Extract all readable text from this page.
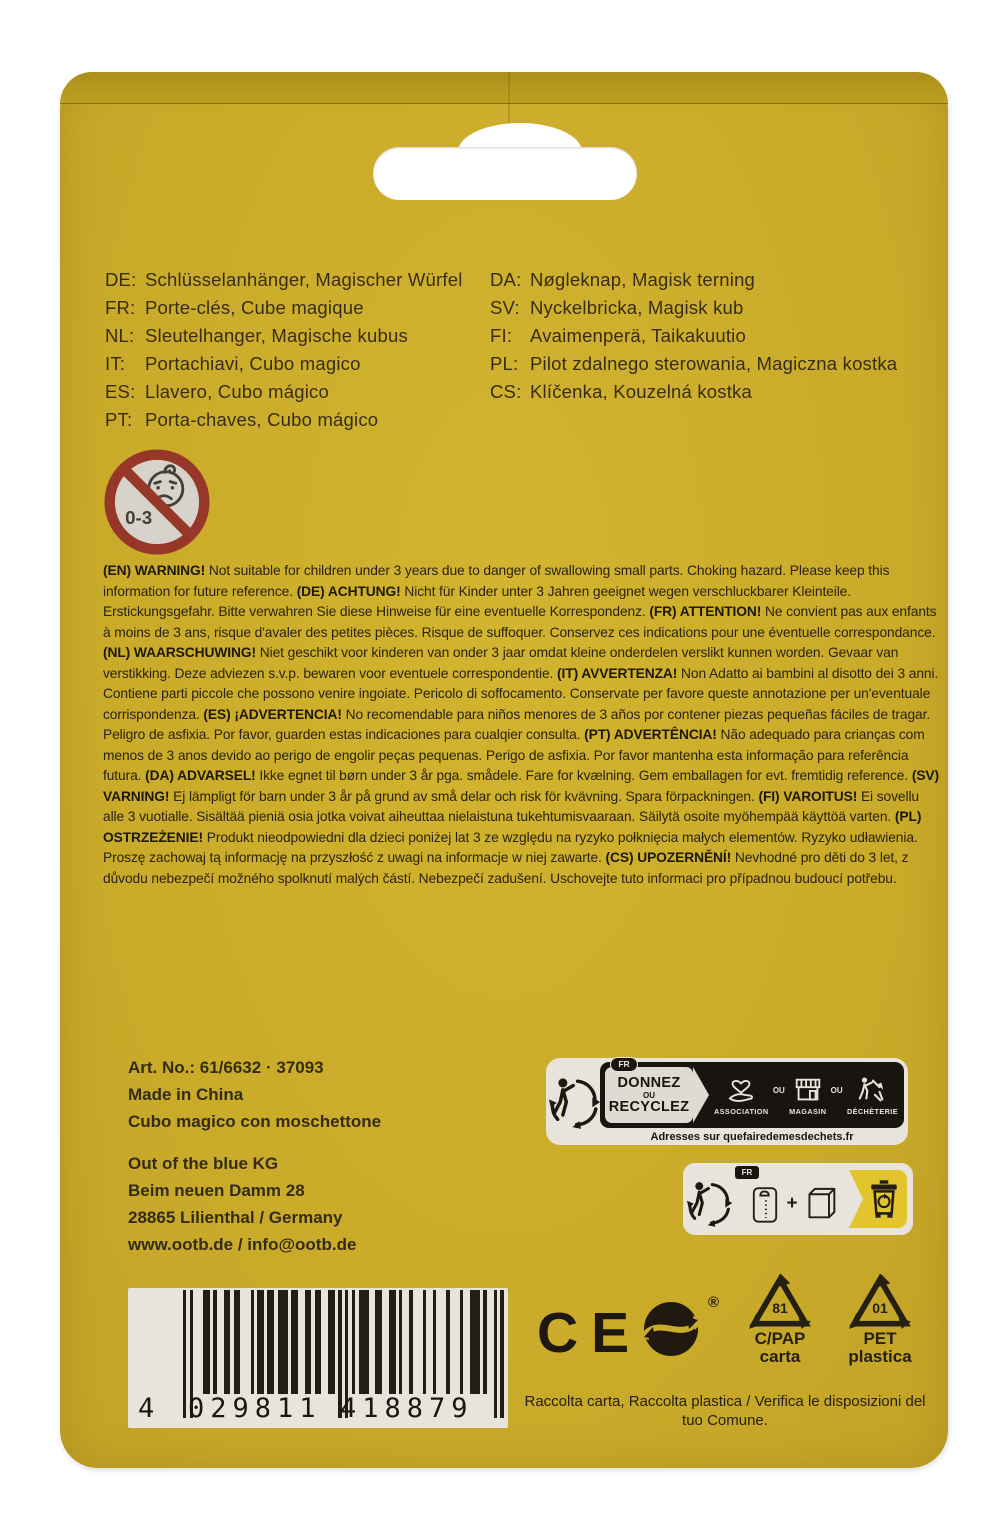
DE: Schlüsselanhänger, Magischer Würfel
FR: Porte-clés, Cube magique
NL: Sleutelhanger, Magische kubus
IT: Portachiavi, Cubo magico
ES: Llavero, Cubo mágico
PT: Porta-chaves, Cubo mágico
DA: Nøgleknap, Magisk terning
SV: Nyckelbricka, Magisk kub
FI: Avaimenperä, Taikakuutio
PL: Pilot zdalnego sterowania, Magiczna kostka
CS: Klíčenka, Kouzelná kostka
0-3

(EN) WARNING! Not suitable for children under 3 years due to danger of swallowing small parts. Choking hazard. Please keep this information for future reference. (DE) ACHTUNG! Nicht für Kinder unter 3 Jahren geeignet wegen verschluckbarer Kleinteile. Erstickungsgefahr. Bitte verwahren Sie diese Hinweise für eine eventuelle Korrespondenz. (FR) ATTENTION! Ne convient pas aux enfants à moins de 3 ans, risque d'avaler des petites pièces. Risque de suffoquer. Conservez ces indications pour une éventuelle correspondance. (NL) WAARSCHUWING! Niet geschikt voor kinderen van onder 3 jaar omdat kleine onderdelen verslikt kunnen worden. Gevaar van verstikking. Deze adviezen s.v.p. bewaren voor eventuele correspondentie. (IT) AVVERTENZA! Non Adatto ai bambini al disotto dei 3 anni. Contiene parti piccole che possono venire ingoiate. Pericolo di soffocamento. Conservate per favore queste annotazione per un'eventuale corrispondenza. (ES) ¡ADVERTENCIA! No recomendable para niños menores de 3 años por contener piezas pequeñas fáciles de tragar. Peligro de asfixia. Por favor, guarden estas indicaciones para cualqier consulta. (PT) ADVERTÊNCIA! Não adequado para crianças com menos de 3 anos devido ao perigo de engolir peças pequenas. Perigo de asfixia. Por favor mantenha esta informação para referência futura. (DA) ADVARSEL! Ikke egnet til børn under 3 år pga. smådele. Fare for kvælning. Gem emballagen for evt. fremtidig reference. (SV) VARNING! Ej lämpligt för barn under 3 år på grund av små delar och risk för kvävning. Spara förpackningen. (FI) VAROITUS! Ei sovellu alle 3 vuotialle. Sisältää pieniä osia jotka voivat aiheuttaa nielaistuna tukehtumisvaaraan. Säilytä osoite myöhempää käyttöä varten. (PL) OSTRZEŻENIE! Produkt nieodpowiedni dla dzieci poniżej lat 3 ze względu na ryzyko połknięcia małych elementów. Ryzyko udławienia. Proszę zachowaj tą informację na przyszłość z uwagi na informacje w niej zawarte. (CS) UPOZERNĚNÍ! Nevhodné pro děti do 3 let, z důvodu nebezpečí možného spolknutí malých částí. Nebezpečí zadušení. Uschovejte tuto informaci pro případnou budoucí potřebu.

Art. No.: 61/6632 · 37093
Made in China
Cubo magico con moschettone
Out of the blue KG
Beim neuen Damm 28
28865 Lilienthal / Germany
www.ootb.de / info@ootb.de
FR
DONNEZ
OU
RECYCLEZ	ASSOCIATION
OU
MAGASIN
OU
DÉCHÈTERIE
Adresses sur quefairedemesdechets.fr
FR
+
4 029811 418879
CE	®	81
C/PAP
carta
01
PET
plastica
Raccolta carta, Raccolta plastica / Verifica le disposizioni del
tuo Comune.
